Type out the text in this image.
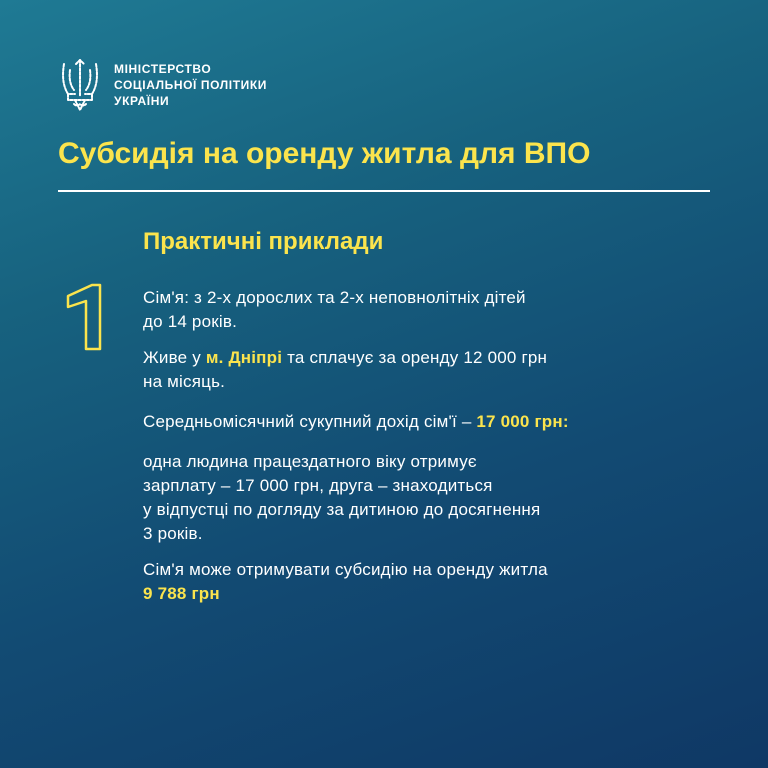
МІНІСТЕРСТВО
СОЦІАЛЬНОЇ ПОЛІТИКИ
УКРАЇНИ
Субсидія на оренду житла для ВПО
Практичні приклади

Сім'я: з 2-х дорослих та 2-х неповнолітніх дітей

до 14 років.

Живе у м. Дніпрі та сплачує за оренду 12 000 грн

на місяць.

Середньомісячний сукупний дохід сім'ї – 17 000 грн:

одна людина працездатного віку отримує

зарплату – 17 000 грн, друга – знаходиться

у відпустці по догляду за дитиною до досягнення

3 років.

Сім'я може отримувати субсидію на оренду житла

9 788 грн
